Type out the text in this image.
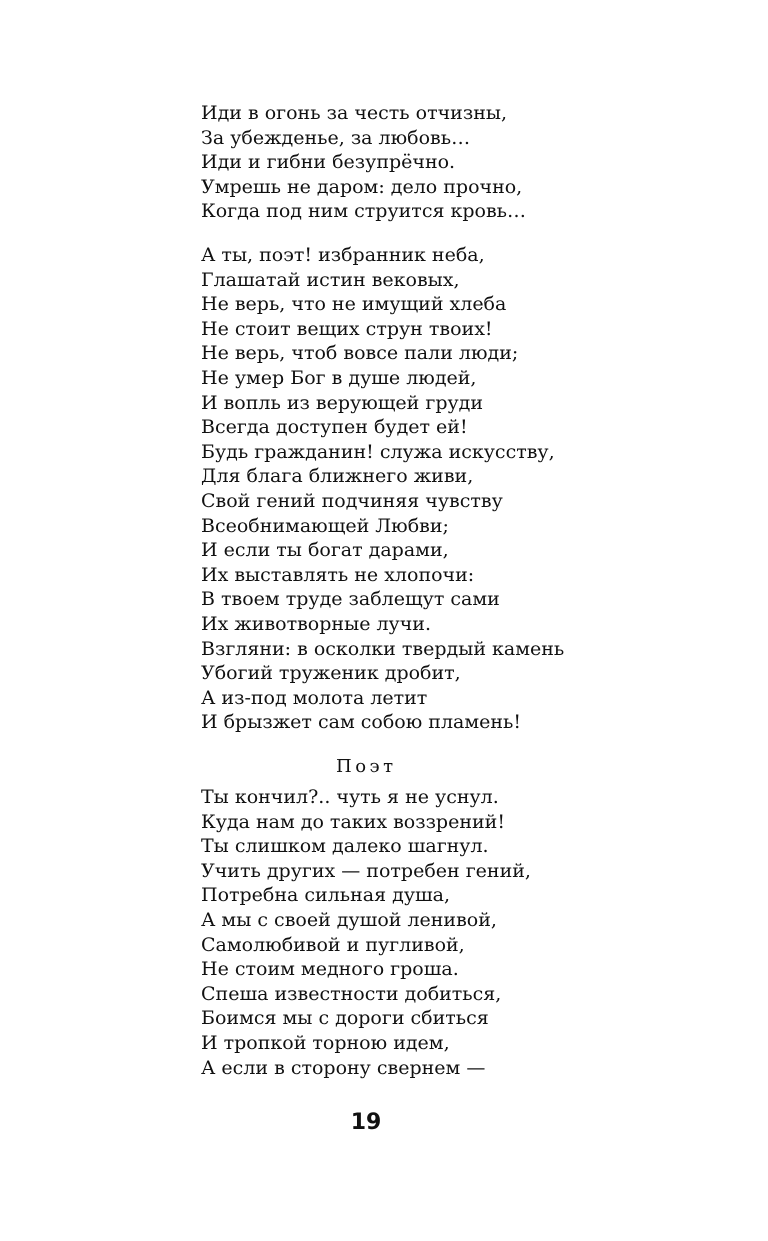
Иди в огонь за честь отчизны,
За убежденье, за любовь…
Иди и гибни безупрёчно.
Умрешь не даром: дело прочно,
Когда под ним струится кровь…
А ты, поэт! избранник неба,
Глашатай истин вековых,
Не верь, что не имущий хлеба
Не стоит вещих струн твоих!
Не верь, чтоб вовсе пали люди;
Не умер Бог в душе людей,
И вопль из верующей груди
Всегда доступен будет ей!
Будь гражданин! служа искусству,
Для блага ближнего живи,
Свой гений подчиняя чувству
Всеобнимающей Любви;
И если ты богат дарами,
Их выставлять не хлопочи:
В твоем труде заблещут сами
Их животворные лучи.
Взгляни: в осколки твердый камень
Убогий труженик дробит,
А из-под молота летит
И брызжет сам собою пламень!
Поэт
Ты кончил?.. чуть я не уснул.
Куда нам до таких воззрений!
Ты слишком далеко шагнул.
Учить других — потребен гений,
Потребна сильная душа,
А мы с своей душой ленивой,
Самолюбивой и пугливой,
Не стоим медного гроша.
Спеша известности добиться,
Боимся мы с дороги сбиться
И тропкой торною идем,
А если в сторону свернем —
19
